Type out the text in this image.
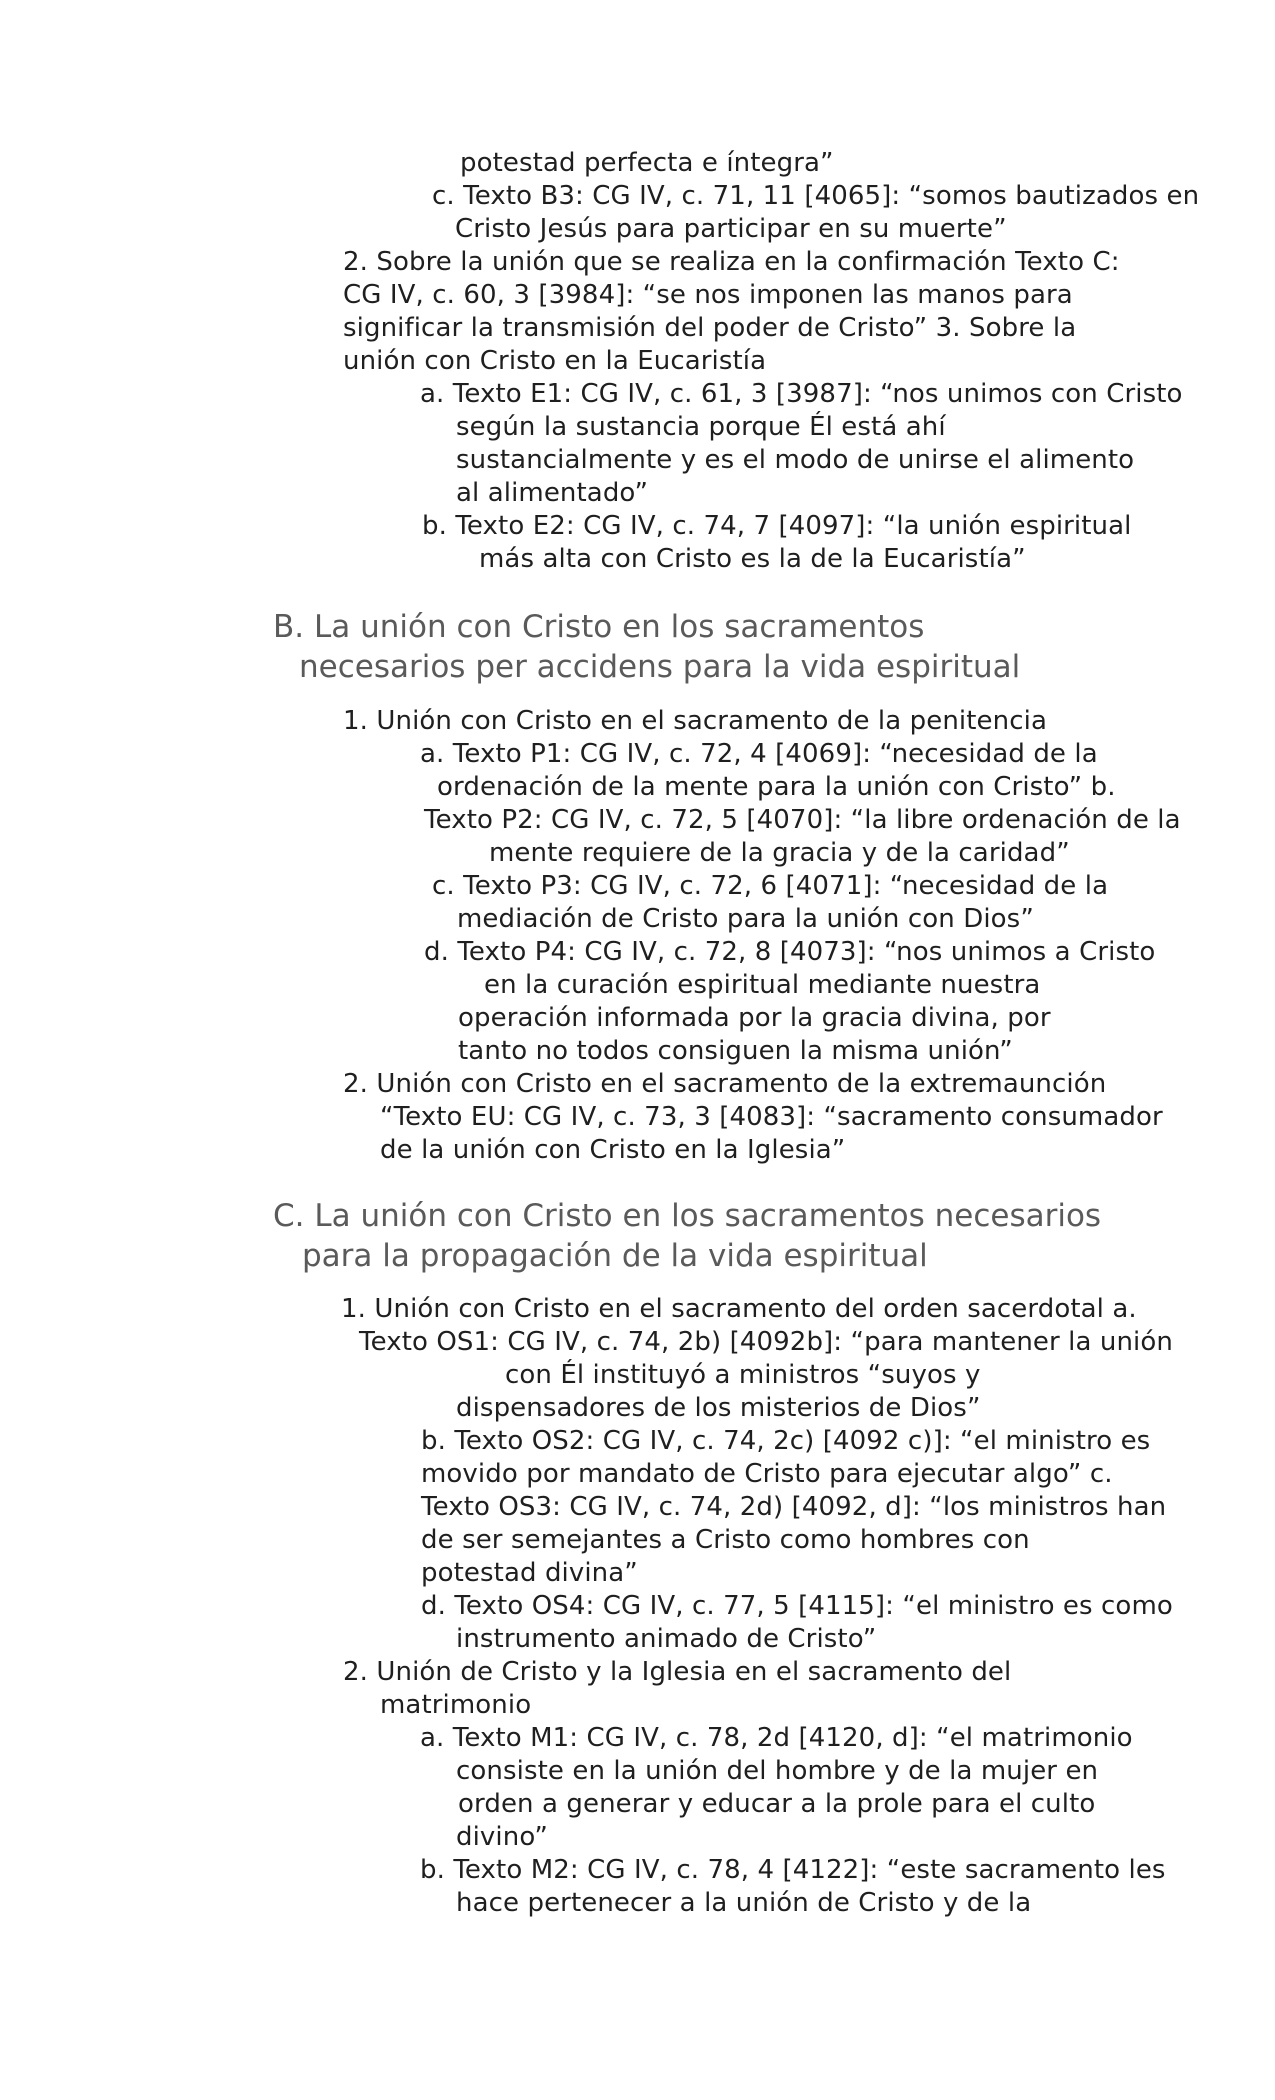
potestad perfecta e íntegra”
c. Texto B3: CG IV, c. 71, 11 [4065]: “somos bautizados en
Cristo Jesús para participar en su muerte”
2. Sobre la unión que se realiza en la confirmación Texto C:
CG IV, c. 60, 3 [3984]: “se nos imponen las manos para
significar la transmisión del poder de Cristo” 3. Sobre la
unión con Cristo en la Eucaristía
a. Texto E1: CG IV, c. 61, 3 [3987]: “nos unimos con Cristo
según la sustancia porque Él está ahí
sustancialmente y es el modo de unirse el alimento
al alimentado”
b. Texto E2: CG IV, c. 74, 7 [4097]: “la unión espiritual
más alta con Cristo es la de la Eucaristía”
B. La unión con Cristo en los sacramentos
necesarios per accidens para la vida espiritual
1. Unión con Cristo en el sacramento de la penitencia
a. Texto P1: CG IV, c. 72, 4 [4069]: “necesidad de la
ordenación de la mente para la unión con Cristo” b.
Texto P2: CG IV, c. 72, 5 [4070]: “la libre ordenación de la
mente requiere de la gracia y de la caridad”
c. Texto P3: CG IV, c. 72, 6 [4071]: “necesidad de la
mediación de Cristo para la unión con Dios”
d. Texto P4: CG IV, c. 72, 8 [4073]: “nos unimos a Cristo
en la curación espiritual mediante nuestra
operación informada por la gracia divina, por
tanto no todos consiguen la misma unión”
2. Unión con Cristo en el sacramento de la extremaunción
“Texto EU: CG IV, c. 73, 3 [4083]: “sacramento consumador
de la unión con Cristo en la Iglesia”
C. La unión con Cristo en los sacramentos necesarios
para la propagación de la vida espiritual
1. Unión con Cristo en el sacramento del orden sacerdotal a.
Texto OS1: CG IV, c. 74, 2b) [4092b]: “para mantener la unión
con Él instituyó a ministros “suyos y
dispensadores de los misterios de Dios”
b. Texto OS2: CG IV, c. 74, 2c) [4092 c)]: “el ministro es
movido por mandato de Cristo para ejecutar algo” c.
Texto OS3: CG IV, c. 74, 2d) [4092, d]: “los ministros han
de ser semejantes a Cristo como hombres con
potestad divina”
d. Texto OS4: CG IV, c. 77, 5 [4115]: “el ministro es como
instrumento animado de Cristo”
2. Unión de Cristo y la Iglesia en el sacramento del
matrimonio
a. Texto M1: CG IV, c. 78, 2d [4120, d]: “el matrimonio
consiste en la unión del hombre y de la mujer en
orden a generar y educar a la prole para el culto
divino”
b. Texto M2: CG IV, c. 78, 4 [4122]: “este sacramento les
hace pertenecer a la unión de Cristo y de la
